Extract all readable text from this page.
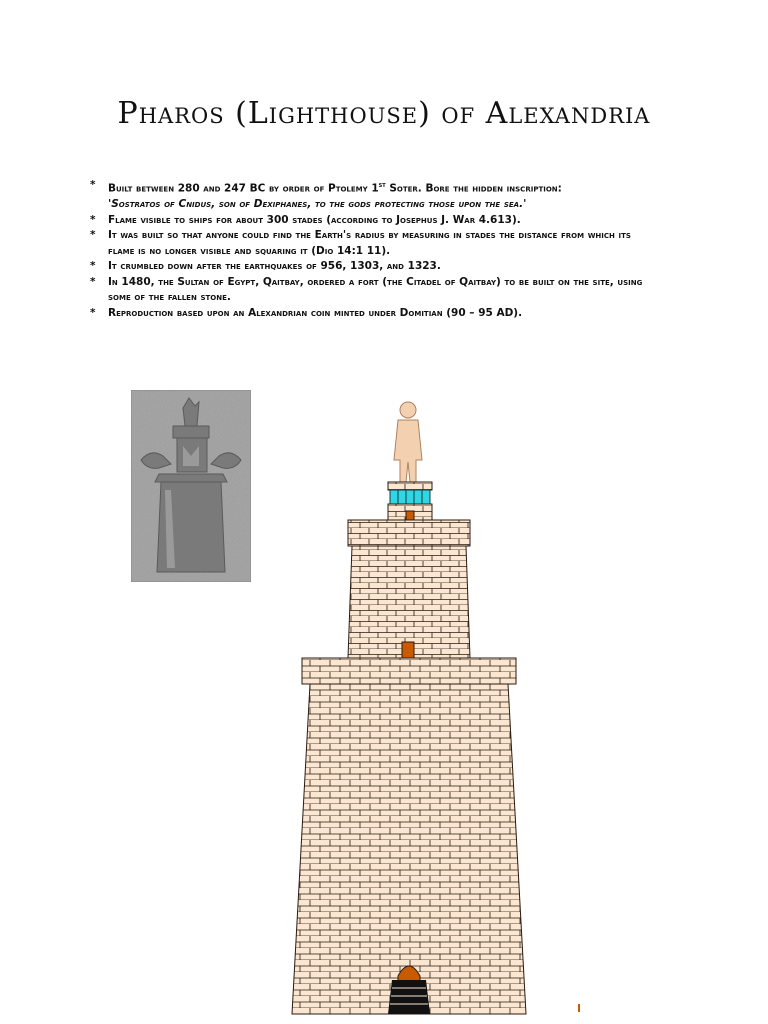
Pharos (Lighthouse) of Alexandria
* Built between 280 and 247 BC by order of Ptolemy 1st Soter. Bore the hidden inscription:
'Sostratos of Cnidus, son of Dexiphanes, to the gods protecting those upon the sea.'
* Flame visible to ships for about 300 stades (according to Josephus J. War 4.613).
* It was built so that anyone could find the Earth's radius by measuring in stades the distance from which its flame is no longer visible and squaring it (Dio 14:1 11).
* It crumbled down after the earthquakes of 956, 1303, and 1323.
* In 1480, the Sultan of Egypt, Qaitbay, ordered a fort (the Citadel of Qaitbay) to be built on the site, using some of the fallen stone.
* Reproduction based upon an Alexandrian coin minted under Domitian (90 – 95 AD).
